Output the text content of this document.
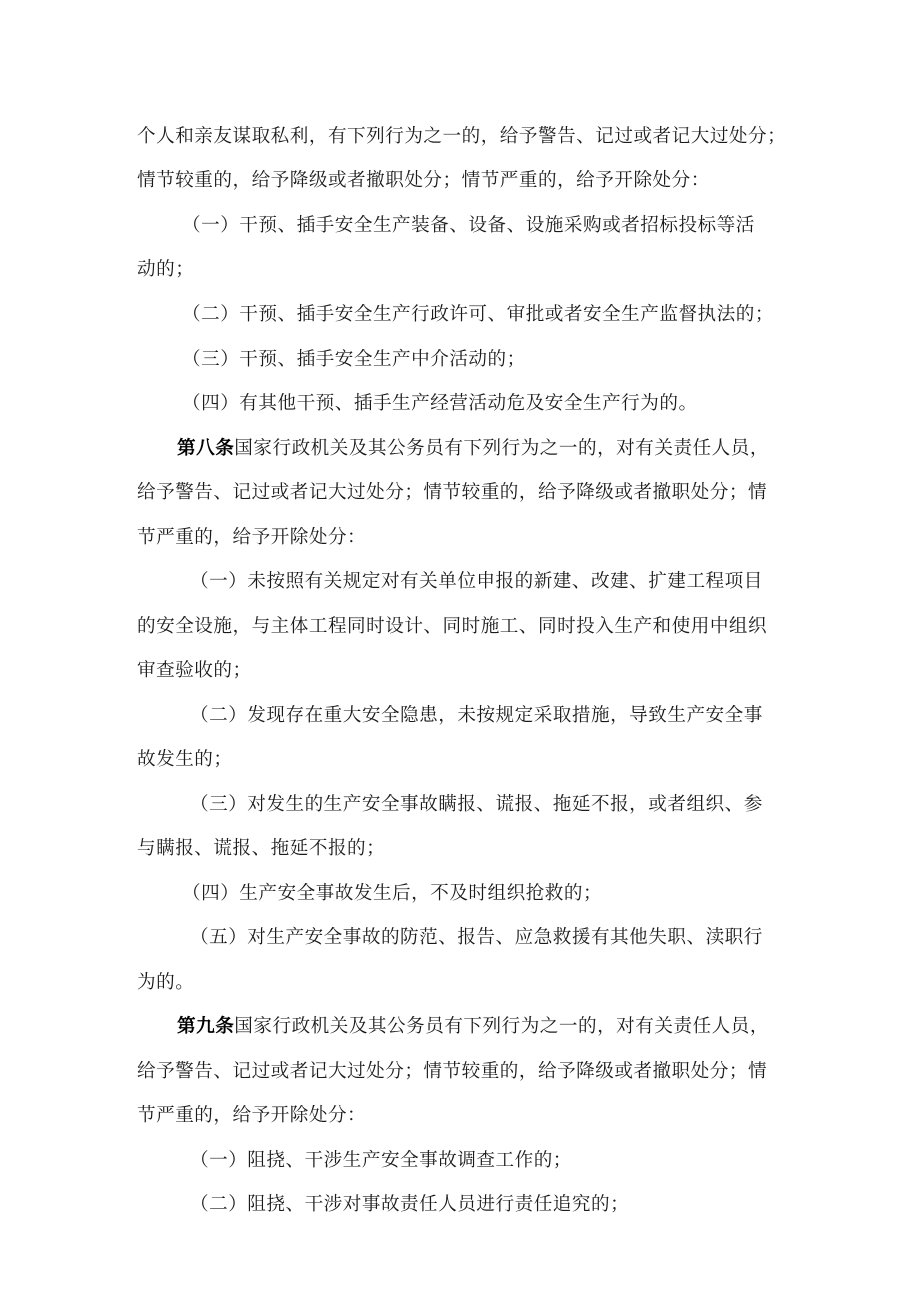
个人和亲友谋取私利，有下列行为之一的，给予警告、记过或者记大过处分；
情节较重的，给予降级或者撤职处分；情节严重的，给予开除处分：
（一）干预、插手安全生产装备、设备、设施采购或者招标投标等活
动的；
（二）干预、插手安全生产行政许可、审批或者安全生产监督执法的；
（三）干预、插手安全生产中介活动的；
（四）有其他干预、插手生产经营活动危及安全生产行为的。
第八条国家行政机关及其公务员有下列行为之一的，对有关责任人员，
给予警告、记过或者记大过处分；情节较重的，给予降级或者撤职处分；情
节严重的，给予开除处分：
（一）未按照有关规定对有关单位申报的新建、改建、扩建工程项目
的安全设施，与主体工程同时设计、同时施工、同时投入生产和使用中组织
审查验收的；
（二）发现存在重大安全隐患，未按规定采取措施，导致生产安全事
故发生的；
（三）对发生的生产安全事故瞒报、谎报、拖延不报，或者组织、参
与瞒报、谎报、拖延不报的；
（四）生产安全事故发生后，不及时组织抢救的；
（五）对生产安全事故的防范、报告、应急救援有其他失职、渎职行
为的。
第九条国家行政机关及其公务员有下列行为之一的，对有关责任人员，
给予警告、记过或者记大过处分；情节较重的，给予降级或者撤职处分；情
节严重的，给予开除处分：
（一）阻挠、干涉生产安全事故调查工作的；
（二）阻挠、干涉对事故责任人员进行责任追究的；
